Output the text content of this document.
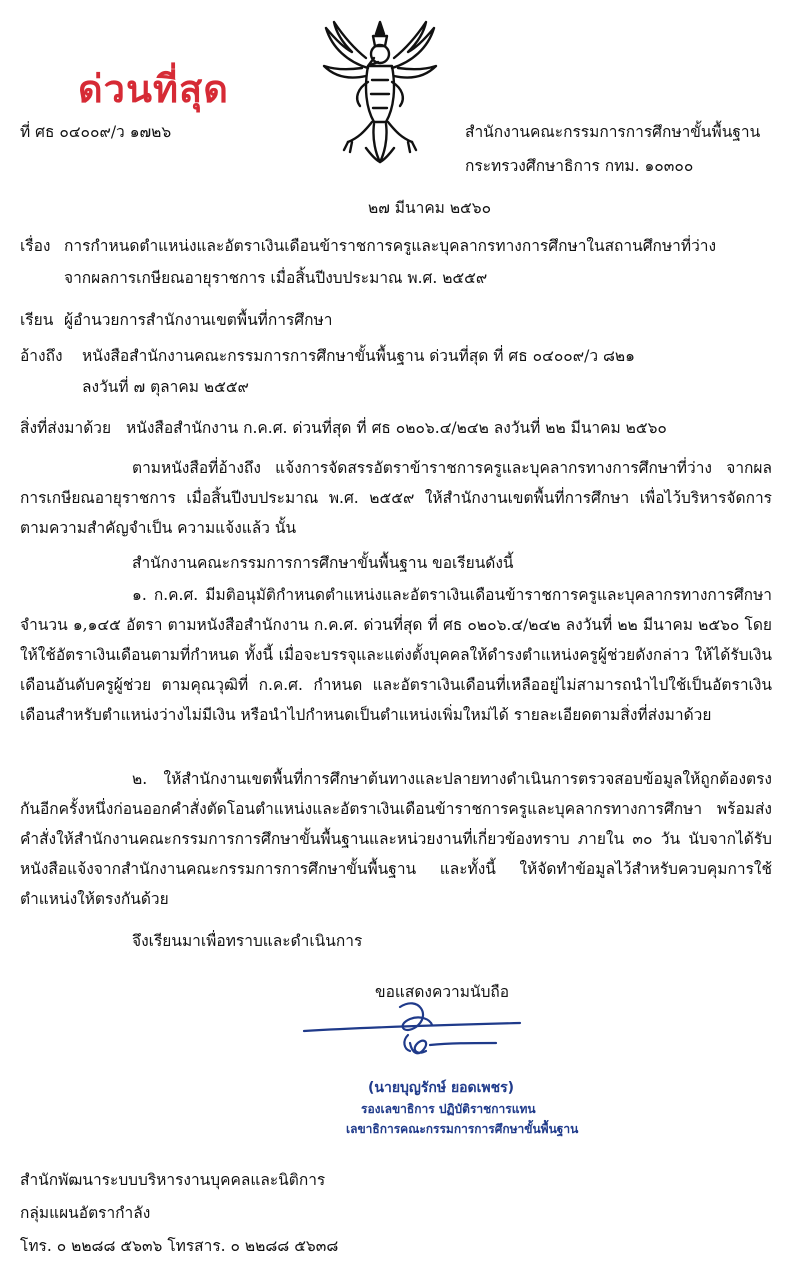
ด่วนที่สุด
ที่ ศธ ๐๔๐๐๙/ว ๑๗๒๖	สำนักงานคณะกรรมการการศึกษาขั้นพื้นฐาน
กระทรวงศึกษาธิการ กทม. ๑๐๓๐๐
๒๗ มีนาคม ๒๕๖๐
เรื่อง การกำหนดตำแหน่งและอัตราเงินเดือนข้าราชการครูและบุคลากรทางการศึกษาในสถานศึกษาที่ว่าง
จากผลการเกษียณอายุราชการ เมื่อสิ้นปีงบประมาณ พ.ศ. ๒๕๕๙
เรียน ผู้อำนวยการสำนักงานเขตพื้นที่การศึกษา
อ้างถึง หนังสือสำนักงานคณะกรรมการการศึกษาขั้นพื้นฐาน ด่วนที่สุด ที่ ศธ ๐๔๐๐๙/ว ๘๒๑
ลงวันที่ ๗ ตุลาคม ๒๕๕๙
สิ่งที่ส่งมาด้วย หนังสือสำนักงาน ก.ค.ศ. ด่วนที่สุด ที่ ศธ ๐๒๐๖.๔/๒๔๒ ลงวันที่ ๒๒ มีนาคม ๒๕๖๐
ตามหนังสือที่อ้างถึง แจ้งการจัดสรรอัตราข้าราชการครูและบุคลากรทางการศึกษาที่ว่าง จากผลการเกษียณอายุราชการ เมื่อสิ้นปีงบประมาณ พ.ศ. ๒๕๕๙ ให้สำนักงานเขตพื้นที่การศึกษา เพื่อไว้บริหารจัดการตามความสำคัญจำเป็น ความแจ้งแล้ว นั้น
สำนักงานคณะกรรมการการศึกษาขั้นพื้นฐาน ขอเรียนดังนี้
๑. ก.ค.ศ. มีมติอนุมัติกำหนดตำแหน่งและอัตราเงินเดือนข้าราชการครูและบุคลากรทางการศึกษา จำนวน ๑,๑๔๕ อัตรา ตามหนังสือสำนักงาน ก.ค.ศ. ด่วนที่สุด ที่ ศธ ๐๒๐๖.๔/๒๔๒ ลงวันที่ ๒๒ มีนาคม ๒๕๖๐ โดยให้ใช้อัตราเงินเดือนตามที่กำหนด ทั้งนี้ เมื่อจะบรรจุและแต่งตั้งบุคคลให้ดำรงตำแหน่งครูผู้ช่วยดังกล่าว ให้ได้รับเงินเดือนอันดับครูผู้ช่วย ตามคุณวุฒิที่ ก.ค.ศ. กำหนด และอัตราเงินเดือนที่เหลืออยู่ไม่สามารถนำไปใช้เป็นอัตราเงินเดือนสำหรับตำแหน่งว่างไม่มีเงิน หรือนำไปกำหนดเป็นตำแหน่งเพิ่มใหม่ได้ รายละเอียดตามสิ่งที่ส่งมาด้วย
๒. ให้สำนักงานเขตพื้นที่การศึกษาต้นทางและปลายทางดำเนินการตรวจสอบข้อมูลให้ถูกต้องตรงกันอีกครั้งหนึ่งก่อนออกคำสั่งตัดโอนตำแหน่งและอัตราเงินเดือนข้าราชการครูและบุคลากรทางการศึกษา พร้อมส่งคำสั่งให้สำนักงานคณะกรรมการการศึกษาขั้นพื้นฐานและหน่วยงานที่เกี่ยวข้องทราบ ภายใน ๓๐ วัน นับจากได้รับหนังสือแจ้งจากสำนักงานคณะกรรมการการศึกษาขั้นพื้นฐาน และทั้งนี้ ให้จัดทำข้อมูลไว้สำหรับควบคุมการใช้ตำแหน่งให้ตรงกันด้วย
จึงเรียนมาเพื่อทราบและดำเนินการ
ขอแสดงความนับถือ
(นายบุญรักษ์ ยอดเพชร)
รองเลขาธิการ ปฏิบัติราชการแทน
เลขาธิการคณะกรรมการการศึกษาขั้นพื้นฐาน
สำนักพัฒนาระบบบริหารงานบุคคลและนิติการ
กลุ่มแผนอัตรากำลัง
โทร. ๐ ๒๒๘๘ ๕๖๓๖ โทรสาร. ๐ ๒๒๘๘ ๕๖๓๘
